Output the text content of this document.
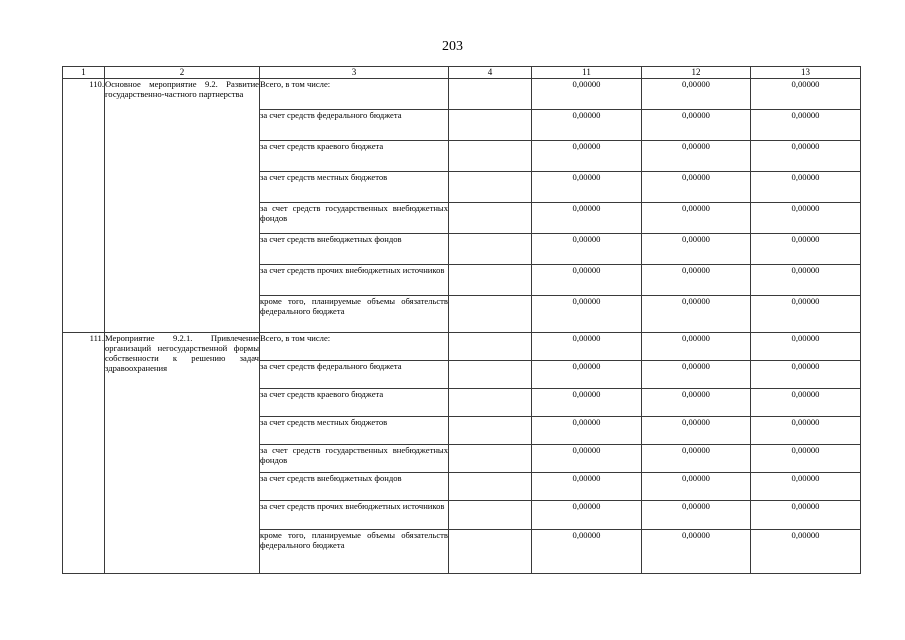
203
1	2	3	4	11	12	13
110.	Основное мероприятие 9.2. Развитие государственно-частного партнерства	Всего, в том числе:		0,00000	0,00000	0,00000
		за счет средств федерального бюджета		0,00000	0,00000	0,00000
		за счет средств краевого бюджета		0,00000	0,00000	0,00000
		за счет средств местных бюджетов		0,00000	0,00000	0,00000
		за счет средств государственных внебюджетных фондов		0,00000	0,00000	0,00000
		за счет средств внебюджетных фондов		0,00000	0,00000	0,00000
		за счет средств прочих внебюджетных источников		0,00000	0,00000	0,00000
		кроме того, планируемые объемы обязательств федерального бюджета		0,00000	0,00000	0,00000
111.	Мероприятие 9.2.1. Привлечение организаций негосударственной формы собственности к решению задач здравоохранения	Всего, в том числе:		0,00000	0,00000	0,00000
		за счет средств федерального бюджета		0,00000	0,00000	0,00000
		за счет средств краевого бюджета		0,00000	0,00000	0,00000
		за счет средств местных бюджетов		0,00000	0,00000	0,00000
		за счет средств государственных внебюджетных фондов		0,00000	0,00000	0,00000
		за счет средств внебюджетных фондов		0,00000	0,00000	0,00000
		за счет средств прочих внебюджетных источников		0,00000	0,00000	0,00000
		кроме того, планируемые объемы обязательств федерального бюджета		0,00000	0,00000	0,00000
